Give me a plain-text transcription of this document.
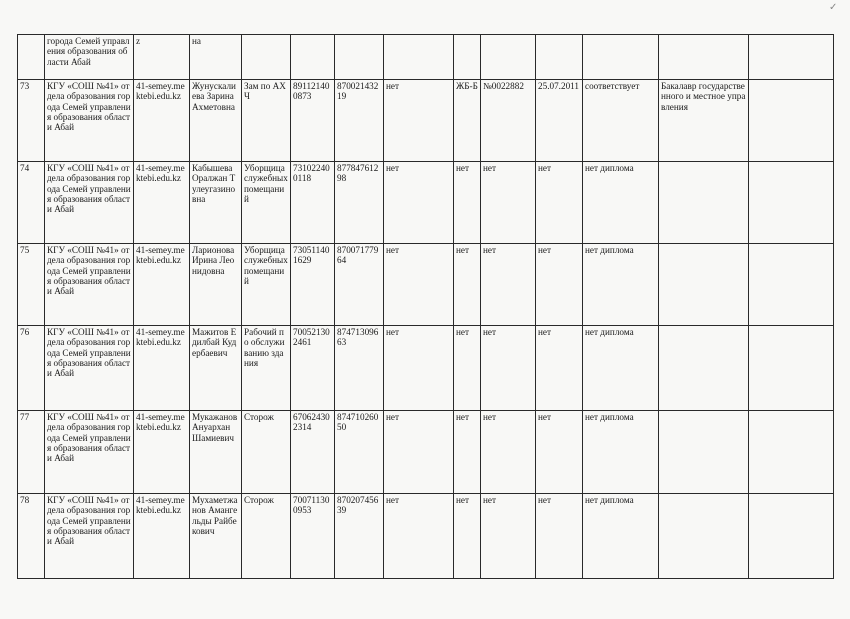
✓
	города Семей управления образования области Абай	z	на										
73	КГУ «СОШ №41» отдела образования города Семей управления образования области Абай	41-semey.mektebi.edu.kz	Жунускалиева Зарина Ахметовна	Зам по АХЧ	891121400873	87002143219	нет	ЖБ-Б	№0022882	25.07.2011	соответствует	Бакалавр государственного и местное управления	
74	КГУ «СОШ №41» отдела образования города Семей управления образования области Абай	41-semey.mektebi.edu.kz	Кабышева Оралжан Тулеугазиновна	Уборщица служебных помещаний	731022400118	87784761298	нет	нет	нет	нет	нет диплома		
75	КГУ «СОШ №41» отдела образования города Семей управления образования области Абай	41-semey.mektebi.edu.kz	Ларионова Ирина Леонидовна	Уборщица служебных помещаний	730511401629	87007177964	нет	нет	нет	нет	нет диплома		
76	КГУ «СОШ №41» отдела образования города Семей управления образования области Абай	41-semey.mektebi.edu.kz	Мажитов Едилбай Кудербаевич	Рабочий по обслуживанию здания	700521302461	87471309663	нет	нет	нет	нет	нет диплома		
77	КГУ «СОШ №41» отдела образования города Семей управления образования области Абай	41-semey.mektebi.edu.kz	Мукажанов Ануархан Шамиевич	Сторож	670624302314	87471026050	нет	нет	нет	нет	нет диплома		
78	КГУ «СОШ №41» отдела образования города Семей управления образования области Абай	41-semey.mektebi.edu.kz	Мухаметжанов Амангельды Райбекович	Сторож	700711300953	87020745639	нет	нет	нет	нет	нет диплома		
